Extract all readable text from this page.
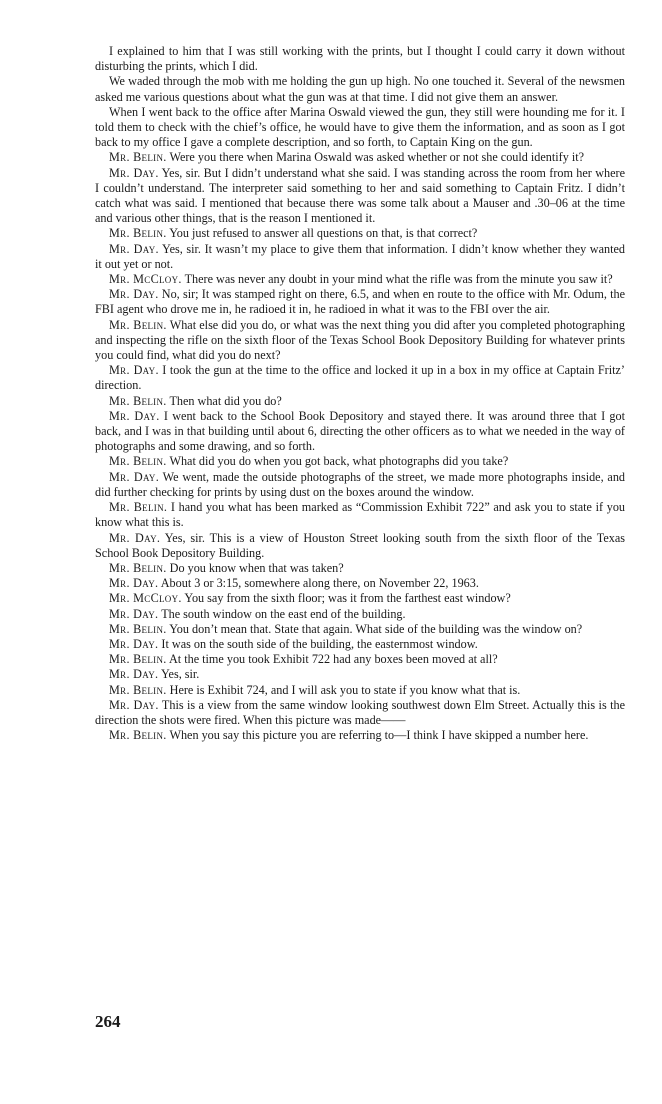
I explained to him that I was still working with the prints, but I thought I could carry it down without disturbing the prints, which I did.

We waded through the mob with me holding the gun up high. No one touched it. Several of the newsmen asked me various questions about what the gun was at that time. I did not give them an answer.

When I went back to the office after Marina Oswald viewed the gun, they still were hounding me for it. I told them to check with the chief’s office, he would have to give them the information, and as soon as I got back to my office I gave a complete description, and so forth, to Captain King on the gun.

Mr. Belin. Were you there when Marina Oswald was asked whether or not she could identify it?

Mr. Day. Yes, sir. But I didn’t understand what she said. I was standing across the room from her where I couldn’t understand. The interpreter said something to her and said something to Captain Fritz. I didn’t catch what was said. I mentioned that because there was some talk about a Mauser and .30–06 at the time and various other things, that is the reason I mentioned it.

Mr. Belin. You just refused to answer all questions on that, is that correct?

Mr. Day. Yes, sir. It wasn’t my place to give them that information. I didn’t know whether they wanted it out yet or not.

Mr. McCloy. There was never any doubt in your mind what the rifle was from the minute you saw it?

Mr. Day. No, sir; It was stamped right on there, 6.5, and when en route to the office with Mr. Odum, the FBI agent who drove me in, he radioed it in, he radioed in what it was to the FBI over the air.

Mr. Belin. What else did you do, or what was the next thing you did after you completed photographing and inspecting the rifle on the sixth floor of the Texas School Book Depository Building for whatever prints you could find, what did you do next?

Mr. Day. I took the gun at the time to the office and locked it up in a box in my office at Captain Fritz’ direction.

Mr. Belin. Then what did you do?

Mr. Day. I went back to the School Book Depository and stayed there. It was around three that I got back, and I was in that building until about 6, directing the other officers as to what we needed in the way of photographs and some drawing, and so forth.

Mr. Belin. What did you do when you got back, what photographs did you take?

Mr. Day. We went, made the outside photographs of the street, we made more photographs inside, and did further checking for prints by using dust on the boxes around the window.

Mr. Belin. I hand you what has been marked as “Commission Exhibit 722” and ask you to state if you know what this is.

Mr. Day. Yes, sir. This is a view of Houston Street looking south from the sixth floor of the Texas School Book Depository Building.

Mr. Belin. Do you know when that was taken?

Mr. Day. About 3 or 3:15, somewhere along there, on November 22, 1963.

Mr. McCloy. You say from the sixth floor; was it from the farthest east window?

Mr. Day. The south window on the east end of the building.

Mr. Belin. You don’t mean that. State that again. What side of the building was the window on?

Mr. Day. It was on the south side of the building, the easternmost window.

Mr. Belin. At the time you took Exhibit 722 had any boxes been moved at all?

Mr. Day. Yes, sir.

Mr. Belin. Here is Exhibit 724, and I will ask you to state if you know what that is.

Mr. Day. This is a view from the same window looking southwest down Elm Street. Actually this is the direction the shots were fired. When this picture was made——

Mr. Belin. When you say this picture you are referring to—I think I have skipped a number here.

264
